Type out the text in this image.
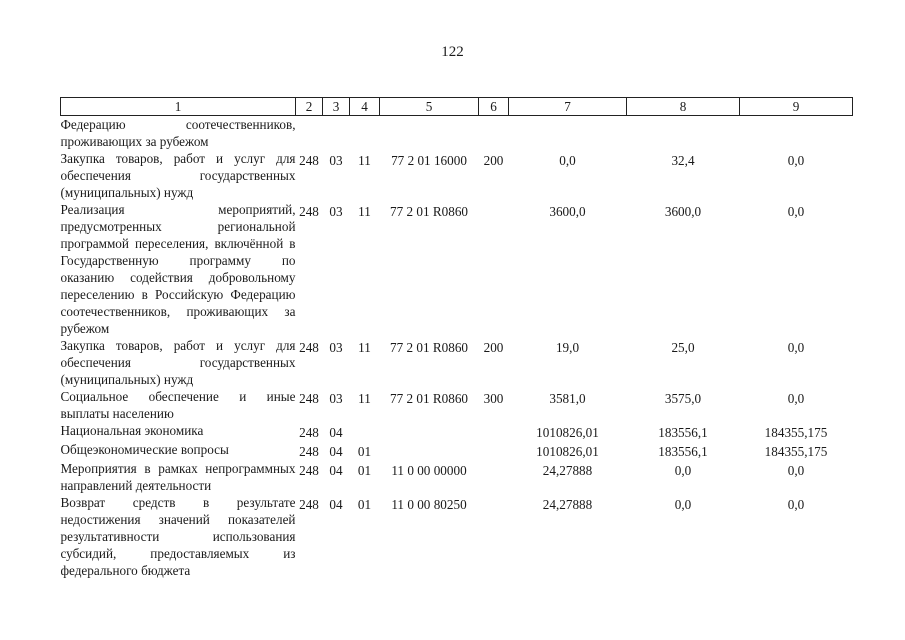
122
1	2	3	4	5	6	7	8	9
Федерацию соотечественников, проживающих за рубежом								
Закупка товаров, работ и услуг для обеспечения государственных (муниципальных) нужд	248	03	11	77 2 01 16000	200	0,0	32,4	0,0
Реализация мероприятий, предусмотренных региональной программой переселения, включённой в Государственную программу по оказанию содействия добровольному переселению в Российскую Федерацию соотечественников, проживающих за рубежом	248	03	11	77 2 01 R0860		3600,0	3600,0	0,0
Закупка товаров, работ и услуг для обеспечения государственных (муниципальных) нужд	248	03	11	77 2 01 R0860	200	19,0	25,0	0,0
Социальное обеспечение и иные выплаты населению	248	03	11	77 2 01 R0860	300	3581,0	3575,0	0,0
Национальная экономика	248	04				1010826,01	183556,1	184355,175
Общеэкономические вопросы	248	04	01			1010826,01	183556,1	184355,175
Мероприятия в рамках непрограммных направлений деятельности	248	04	01	11 0 00 00000		24,27888	0,0	0,0
Возврат средств в результате недостижения значений показателей результативности использования субсидий, предоставляемых из федерального бюджета	248	04	01	11 0 00 80250		24,27888	0,0	0,0
